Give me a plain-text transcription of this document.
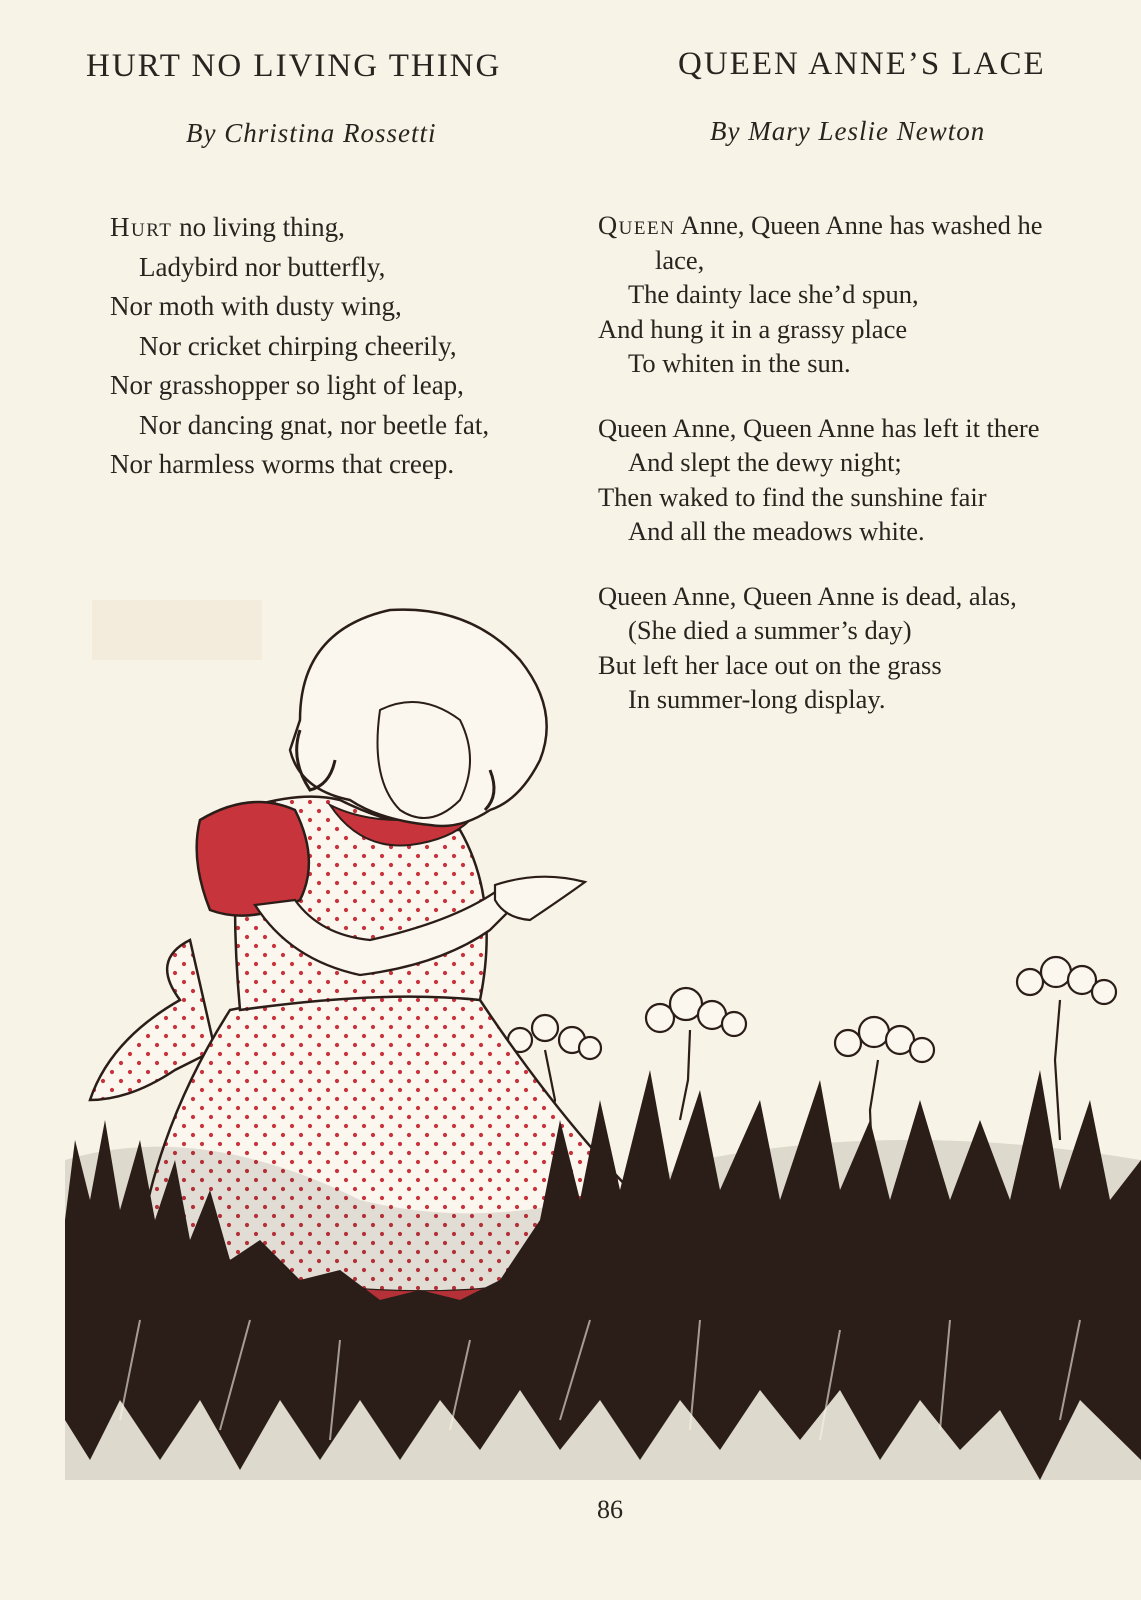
HURT NO LIVING THING

By Christina Rossetti

Hurt no living thing,
Ladybird nor butterfly,
Nor moth with dusty wing,
Nor cricket chirping cheerily,
Nor grasshopper so light of leap,
Nor dancing gnat, nor beetle fat,
Nor harmless worms that creep.
QUEEN ANNE’S LACE

By Mary Leslie Newton

Queen Anne, Queen Anne has washed he
lace,
The dainty lace she’d spun,
And hung it in a grassy place
To whiten in the sun.
Queen Anne, Queen Anne has left it there
And slept the dewy night;
Then waked to find the sunshine fair
And all the meadows white.
Queen Anne, Queen Anne is dead, alas,
(She died a summer’s day)
But left her lace out on the grass
In summer-long display.
86
